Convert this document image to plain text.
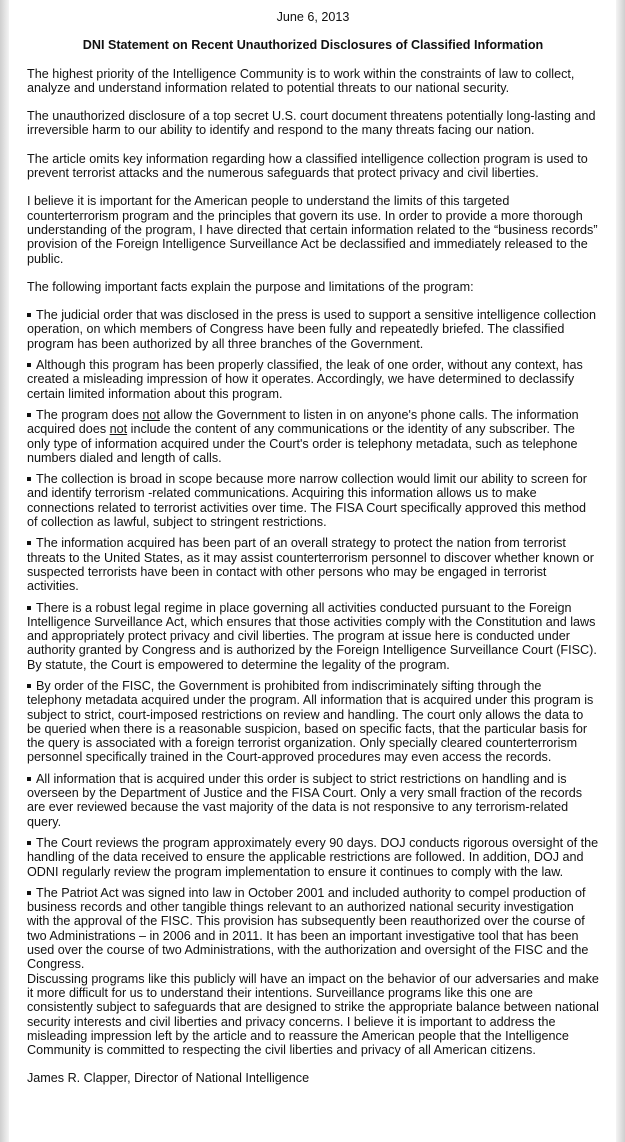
June 6, 2013

DNI Statement on Recent Unauthorized Disclosures of Classified Information

The highest priority of the Intelligence Community is to work within the constraints of law to collect, analyze and understand information related to potential threats to our national security.

The unauthorized disclosure of a top secret U.S. court document threatens potentially long-lasting and irreversible harm to our ability to identify and respond to the many threats facing our nation.

The article omits key information regarding how a classified intelligence collection program is used to prevent terrorist attacks and the numerous safeguards that protect privacy and civil liberties.

I believe it is important for the American people to understand the limits of this targeted counterterrorism program and the principles that govern its use. In order to provide a more thorough understanding of the program, I have directed that certain information related to the “business records” provision of the Foreign Intelligence Surveillance Act be declassified and immediately released to the public.

The following important facts explain the purpose and limitations of the program:

The judicial order that was disclosed in the press is used to support a sensitive intelligence collection operation, on which members of Congress have been fully and repeatedly briefed. The classified program has been authorized by all three branches of the Government.
Although this program has been properly classified, the leak of one order, without any context, has created a misleading impression of how it operates. Accordingly, we have determined to declassify certain limited information about this program.
The program does not allow the Government to listen in on anyone's phone calls. The information acquired does not include the content of any communications or the identity of any subscriber. The only type of information acquired under the Court's order is telephony metadata, such as telephone numbers dialed and length of calls.
The collection is broad in scope because more narrow collection would limit our ability to screen for and identify terrorism -related communications. Acquiring this information allows us to make connections related to terrorist activities over time. The FISA Court specifically approved this method of collection as lawful, subject to stringent restrictions.
The information acquired has been part of an overall strategy to protect the nation from terrorist threats to the United States, as it may assist counterterrorism personnel to discover whether known or suspected terrorists have been in contact with other persons who may be engaged in terrorist activities.
There is a robust legal regime in place governing all activities conducted pursuant to the Foreign Intelligence Surveillance Act, which ensures that those activities comply with the Constitution and laws and appropriately protect privacy and civil liberties. The program at issue here is conducted under authority granted by Congress and is authorized by the Foreign Intelligence Surveillance Court (FISC). By statute, the Court is empowered to determine the legality of the program.
By order of the FISC, the Government is prohibited from indiscriminately sifting through the telephony metadata acquired under the program. All information that is acquired under this program is subject to strict, court-imposed restrictions on review and handling. The court only allows the data to be queried when there is a reasonable suspicion, based on specific facts, that the particular basis for the query is associated with a foreign terrorist organization. Only specially cleared counterterrorism personnel specifically trained in the Court-approved procedures may even access the records.
All information that is acquired under this order is subject to strict restrictions on handling and is overseen by the Department of Justice and the FISA Court. Only a very small fraction of the records are ever reviewed because the vast majority of the data is not responsive to any terrorism-related query.
The Court reviews the program approximately every 90 days. DOJ conducts rigorous oversight of the handling of the data received to ensure the applicable restrictions are followed. In addition, DOJ and ODNI regularly review the program implementation to ensure it continues to comply with the law.
The Patriot Act was signed into law in October 2001 and included authority to compel production of business records and other tangible things relevant to an authorized national security investigation with the approval of the FISC. This provision has subsequently been reauthorized over the course of two Administrations – in 2006 and in 2011. It has been an important investigative tool that has been used over the course of two Administrations, with the authorization and oversight of the FISC and the Congress.

Discussing programs like this publicly will have an impact on the behavior of our adversaries and make it more difficult for us to understand their intentions. Surveillance programs like this one are consistently subject to safeguards that are designed to strike the appropriate balance between national security interests and civil liberties and privacy concerns. I believe it is important to address the misleading impression left by the article and to reassure the American people that the Intelligence Community is committed to respecting the civil liberties and privacy of all American citizens.

James R. Clapper, Director of National Intelligence
